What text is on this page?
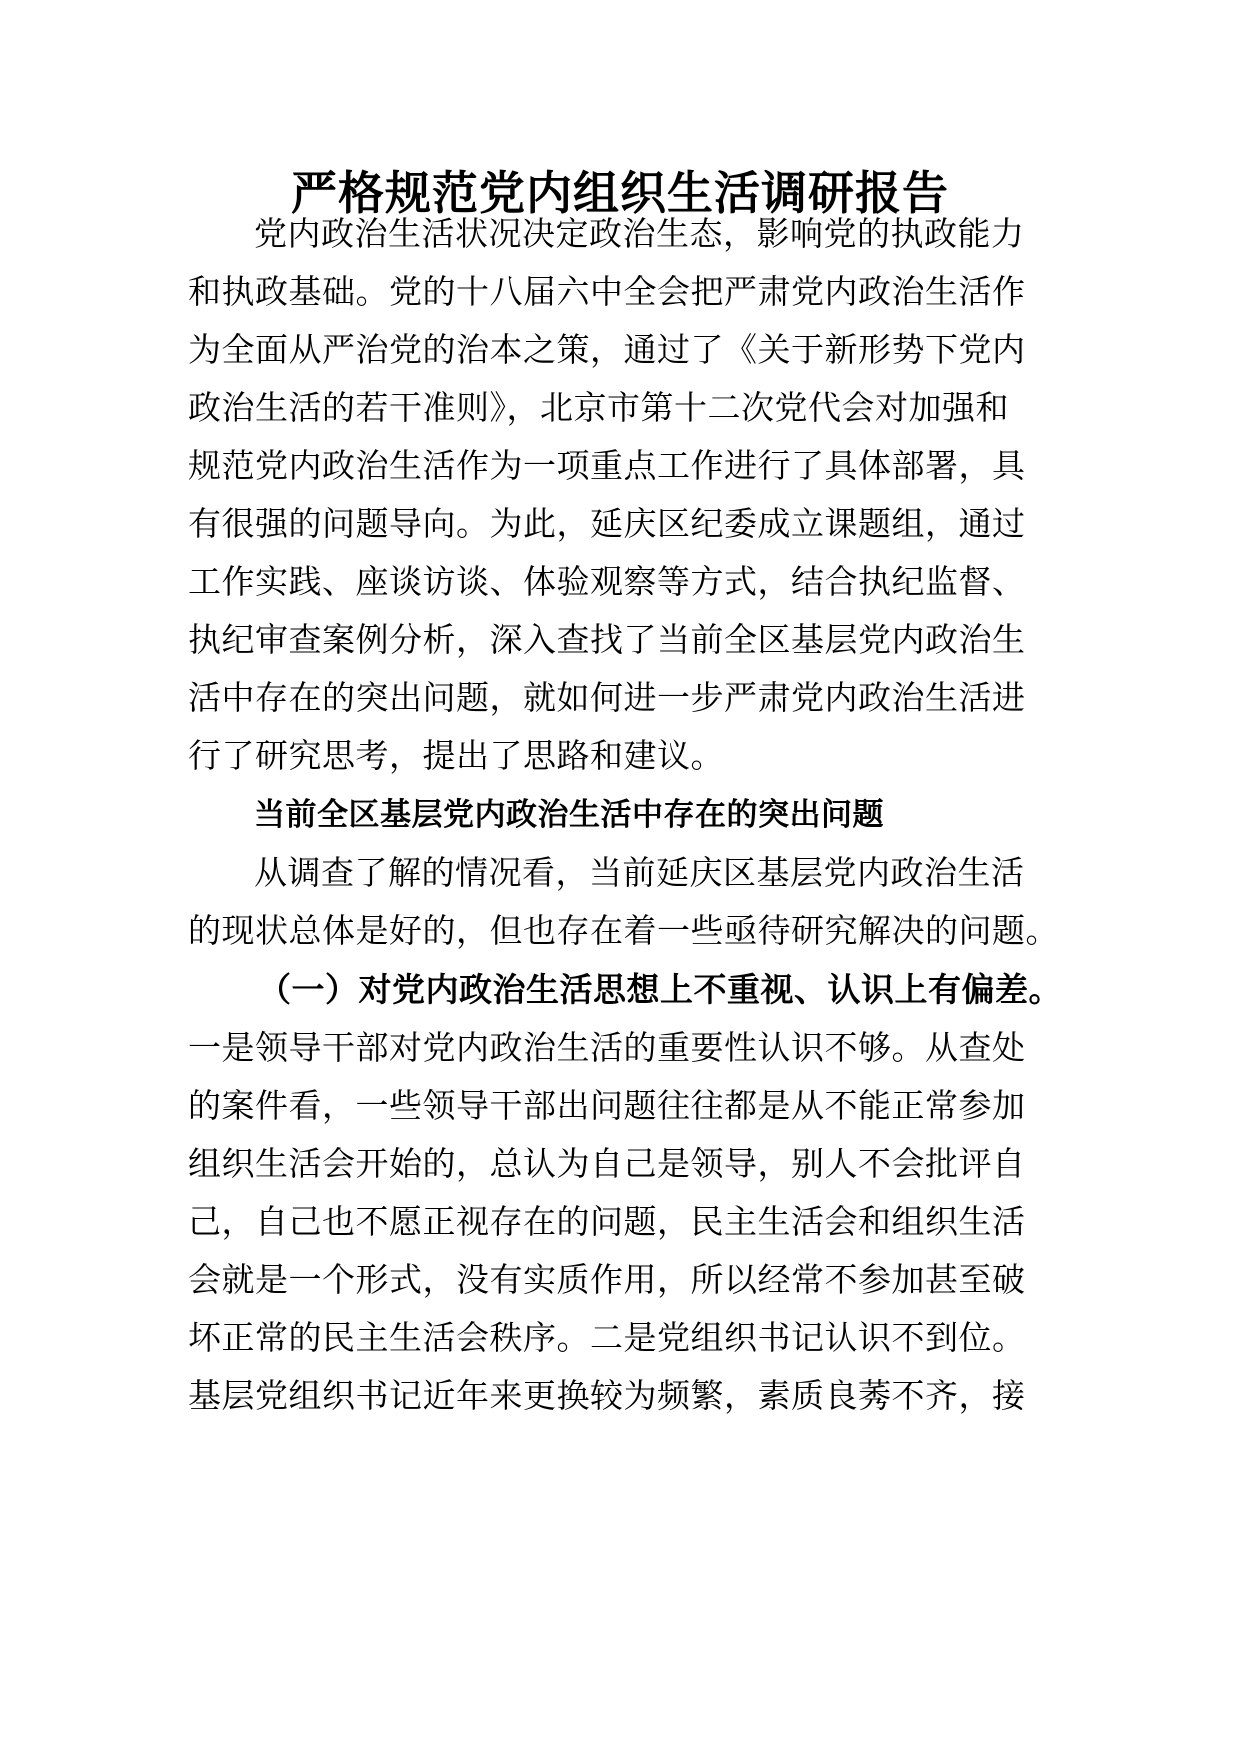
严格规范党内组织生活调研报告
党内政治生活状况决定政治生态，影响党的执政能力
和执政基础。党的十八届六中全会把严肃党内政治生活作
为全面从严治党的治本之策，通过了《关于新形势下党内
政治生活的若干准则》，北京市第十二次党代会对加强和
规范党内政治生活作为一项重点工作进行了具体部署，具
有很强的问题导向。为此，延庆区纪委成立课题组，通过
工作实践、座谈访谈、体验观察等方式，结合执纪监督、
执纪审查案例分析，深入查找了当前全区基层党内政治生
活中存在的突出问题，就如何进一步严肃党内政治生活进
行了研究思考，提出了思路和建议。
当前全区基层党内政治生活中存在的突出问题
从调查了解的情况看，当前延庆区基层党内政治生活
的现状总体是好的，但也存在着一些亟待研究解决的问题。
（一）对党内政治生活思想上不重视、认识上有偏差。
一是领导干部对党内政治生活的重要性认识不够。从查处
的案件看，一些领导干部出问题往往都是从不能正常参加
组织生活会开始的，总认为自己是领导，别人不会批评自
己，自己也不愿正视存在的问题，民主生活会和组织生活
会就是一个形式，没有实质作用，所以经常不参加甚至破
坏正常的民主生活会秩序。二是党组织书记认识不到位。
基层党组织书记近年来更换较为频繁，素质良莠不齐，接
